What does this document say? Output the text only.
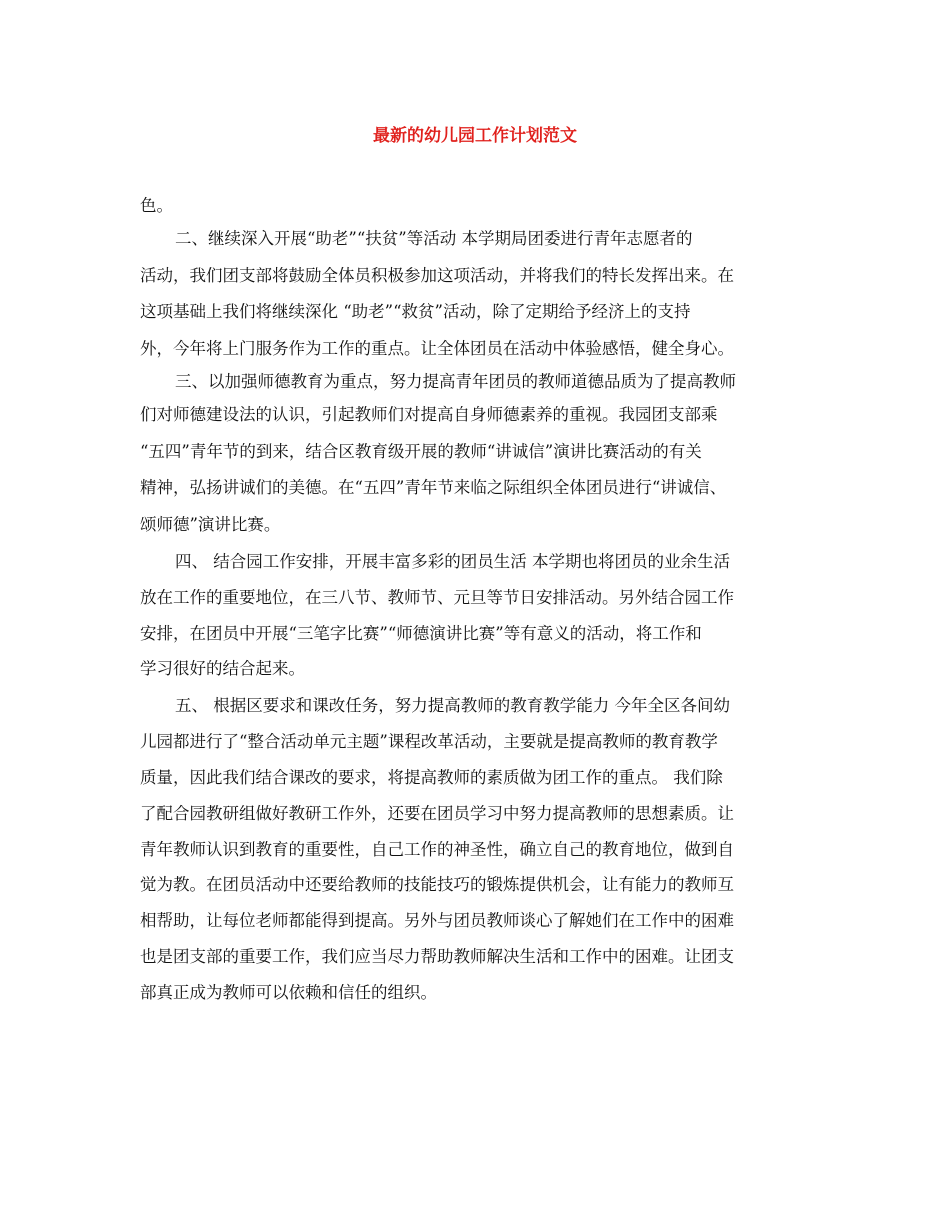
最新的幼儿园工作计划范文

色。

二、继续深入开展“助老”“扶贫”等活动 本学期局团委进行青年志愿者的

活动，我们团支部将鼓励全体员积极参加这项活动，并将我们的特长发挥出来。在

这项基础上我们将继续深化 “助老”“救贫”活动，除了定期给予经济上的支持

外，今年将上门服务作为工作的重点。让全体团员在活动中体验感悟，健全身心。

三、以加强师德教育为重点，努力提高青年团员的教师道德品质为了提高教师

们对师德建设法的认识，引起教师们对提高自身师德素养的重视。我园团支部乘

“五四”青年节的到来，结合区教育级开展的教师“讲诚信”演讲比赛活动的有关

精神，弘扬讲诚们的美德。在“五四”青年节来临之际组织全体团员进行“讲诚信、

颂师德”演讲比赛。

四、 结合园工作安排，开展丰富多彩的团员生活 本学期也将团员的业余生活

放在工作的重要地位，在三八节、教师节、元旦等节日安排活动。另外结合园工作

安排，在团员中开展“三笔字比赛”“师德演讲比赛”等有意义的活动，将工作和

学习很好的结合起来。

五、 根据区要求和课改任务，努力提高教师的教育教学能力 今年全区各间幼

儿园都进行了“整合活动单元主题”课程改革活动，主要就是提高教师的教育教学

质量，因此我们结合课改的要求，将提高教师的素质做为团工作的重点。 我们除

了配合园教研组做好教研工作外，还要在团员学习中努力提高教师的思想素质。让

青年教师认识到教育的重要性，自己工作的神圣性，确立自己的教育地位，做到自

觉为教。在团员活动中还要给教师的技能技巧的锻炼提供机会，让有能力的教师互

相帮助，让每位老师都能得到提高。另外与团员教师谈心了解她们在工作中的困难

也是团支部的重要工作，我们应当尽力帮助教师解决生活和工作中的困难。让团支

部真正成为教师可以依赖和信任的组织。
